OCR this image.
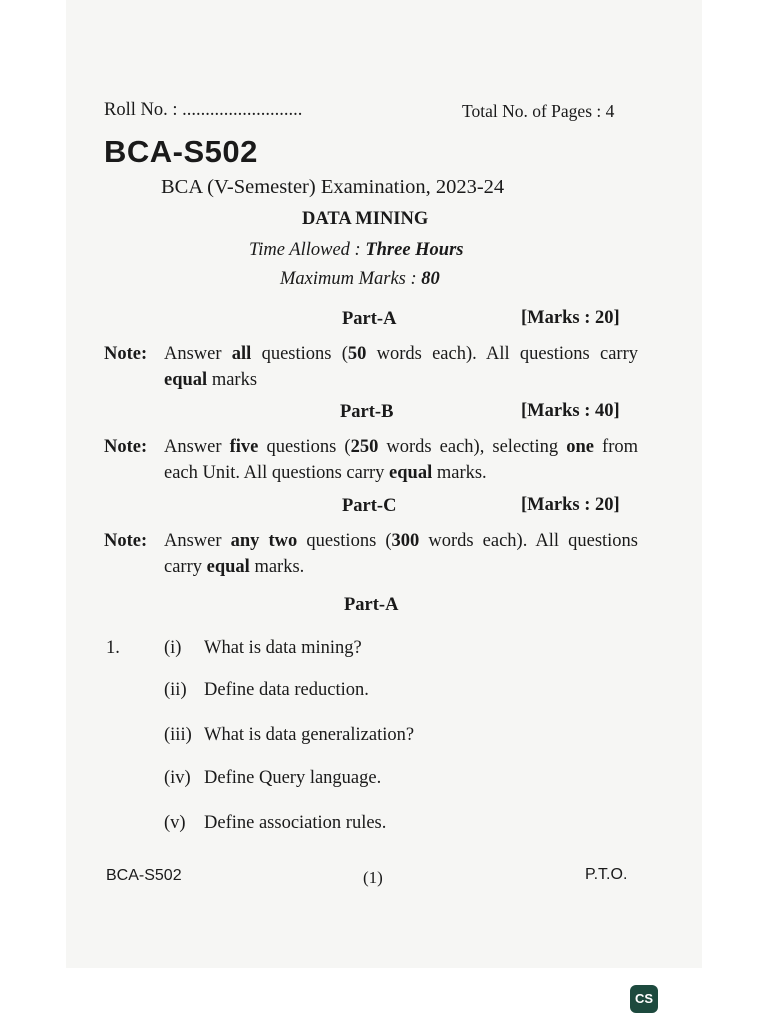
Roll No. : ..........................	Total No. of Pages : 4
BCA-S502
BCA (V-Semester) Examination, 2023-24
DATA MINING
Time Allowed : Three Hours
Maximum Marks : 80
Part-A	[Marks : 20]
Note: Answer all questions (50 words each). All questions carry equal marks
Part-B	[Marks : 40]
Note: Answer five questions (250 words each), selecting one from each Unit. All questions carry equal marks.
Part-C	[Marks : 20]
Note: Answer any two questions (300 words each). All questions carry equal marks.
Part-A
1. (i) What is data mining?
(ii) Define data reduction.
(iii) What is data generalization?
(iv) Define Query language.
(v) Define association rules.
BCA-S502	(1)	P.T.O.
CS
